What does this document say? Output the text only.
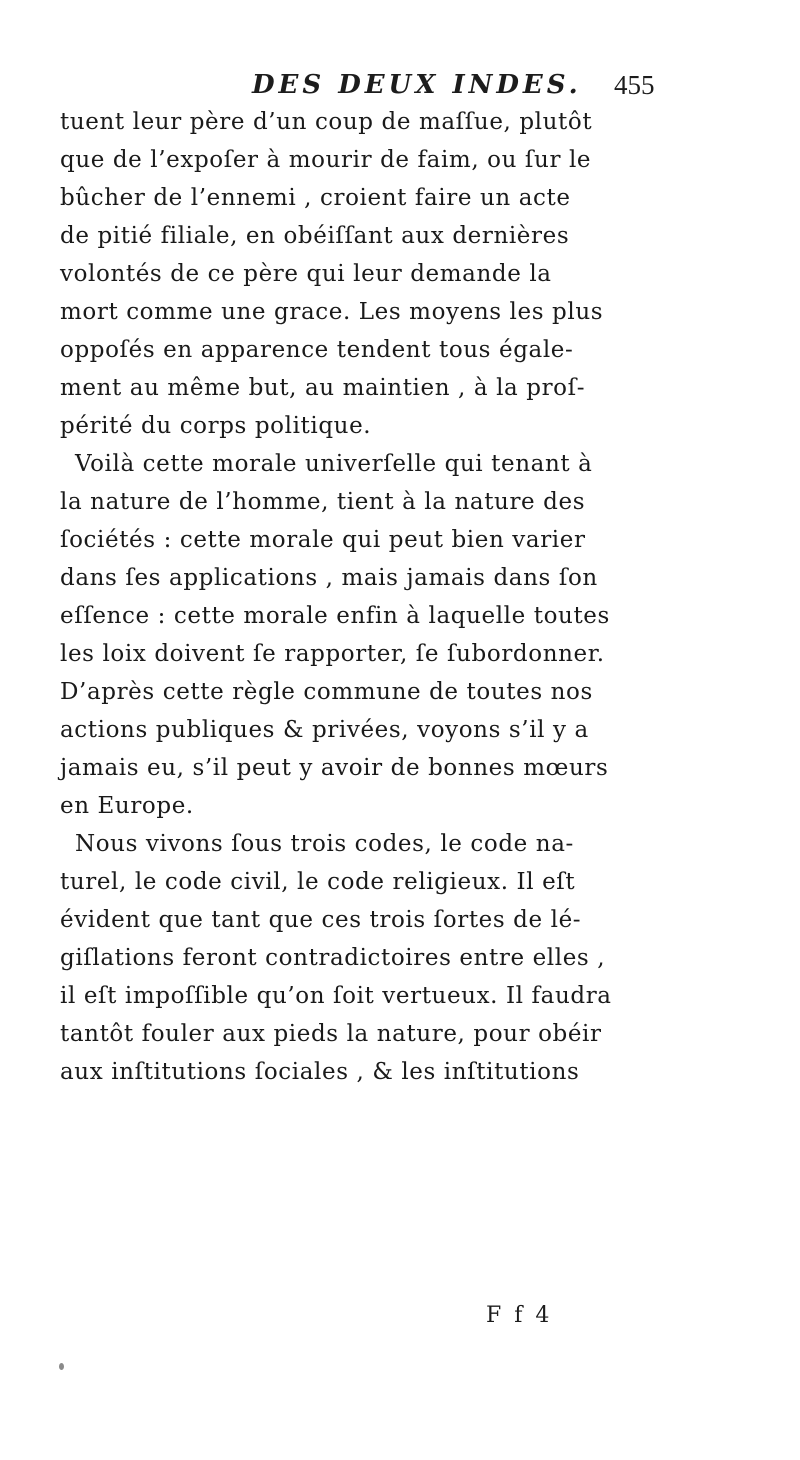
DES DEUX INDES. 455
tuent leur père d’un coup de maſſue, plutôt
que de l’expoſer à mourir de faim, ou ſur le
bûcher de l’ennemi , croient faire un acte
de pitié filiale, en obéiſſant aux dernières
volontés de ce père qui leur demande la
mort comme une grace. Les moyens les plus
oppoſés en apparence tendent tous égale-
ment au même but, au maintien , à la proſ-
périté du corps politique.
Voilà cette morale univerſelle qui tenant à
la nature de l’homme, tient à la nature des
ſociétés : cette morale qui peut bien varier
dans ſes applications , mais jamais dans ſon
eſſence : cette morale enfin à laquelle toutes
les loix doivent ſe rapporter, ſe ſubordonner.
D’après cette règle commune de toutes nos
actions publiques & privées, voyons s’il y a
jamais eu, s’il peut y avoir de bonnes mœurs
en Europe.
Nous vivons ſous trois codes, le code na-
turel, le code civil, le code religieux. Il eſt
évident que tant que ces trois ſortes de lé-
giſlations feront contradictoires entre elles ,
il eſt impoſſible qu’on ſoit vertueux. Il faudra
tantôt fouler aux pieds la nature, pour obéir
aux inſtitutions ſociales , & les inſtitutions
F f 4
